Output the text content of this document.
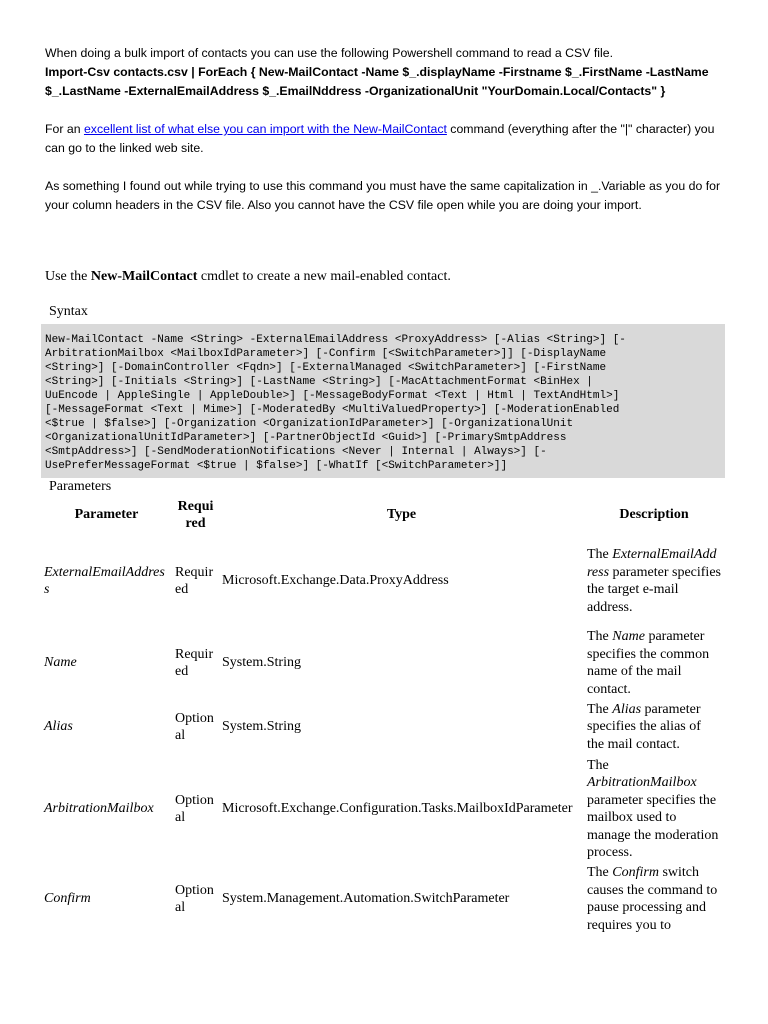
When doing a bulk import of contacts you can use the following Powershell command to read a CSV file.

Import-Csv contacts.csv | ForEach { New-MailContact -Name $_.displayName -Firstname $_.FirstName -LastName $_.LastName -ExternalEmailAddress $_.EmailNddress -OrganizationalUnit "YourDomain.Local/Contacts" }

For an excellent list of what else you can import with the New-MailContact command (everything after the "|" character) you can go to the linked web site.

As something I found out while trying to use this command you must have the same capitalization in _.Variable as you do for your column headers in the CSV file. Also you cannot have the CSV file open while you are doing your import.

Use the New-MailContact cmdlet to create a new mail-enabled contact.
Syntax
New-MailContact -Name <String> -ExternalEmailAddress <ProxyAddress> [-Alias <String>] [-
ArbitrationMailbox <MailboxIdParameter>] [-Confirm [<SwitchParameter>]] [-DisplayName
<String>] [-DomainController <Fqdn>] [-ExternalManaged <SwitchParameter>] [-FirstName
<String>] [-Initials <String>] [-LastName <String>] [-MacAttachmentFormat <BinHex |
UuEncode | AppleSingle | AppleDouble>] [-MessageBodyFormat <Text | Html | TextAndHtml>]
[-MessageFormat <Text | Mime>] [-ModeratedBy <MultiValuedProperty>] [-ModerationEnabled
<$true | $false>] [-Organization <OrganizationIdParameter>] [-OrganizationalUnit
<OrganizationalUnitIdParameter>] [-PartnerObjectId <Guid>] [-PrimarySmtpAddress
<SmtpAddress>] [-SendModerationNotifications <Never | Internal | Always>] [-
UsePreferMessageFormat <$true | $false>] [-WhatIf [<SwitchParameter>]]
Parameters
Parameter	Required	Type	Description
ExternalEmailAddress	Required	Microsoft.Exchange.Data.ProxyAddress	The ExternalEmailAddress parameter specifies the target e-mail address.
Name	Required	System.String	The Name parameter specifies the common name of the mail contact.
Alias	Optional	System.String	The Alias parameter specifies the alias of the mail contact.
ArbitrationMailbox	Optional	Microsoft.Exchange.Configuration.Tasks.MailboxIdParameter	The ArbitrationMailbox parameter specifies the mailbox used to manage the moderation process.
Confirm	Optional	System.Management.Automation.SwitchParameter	The Confirm switch causes the command to pause processing and requires you to
